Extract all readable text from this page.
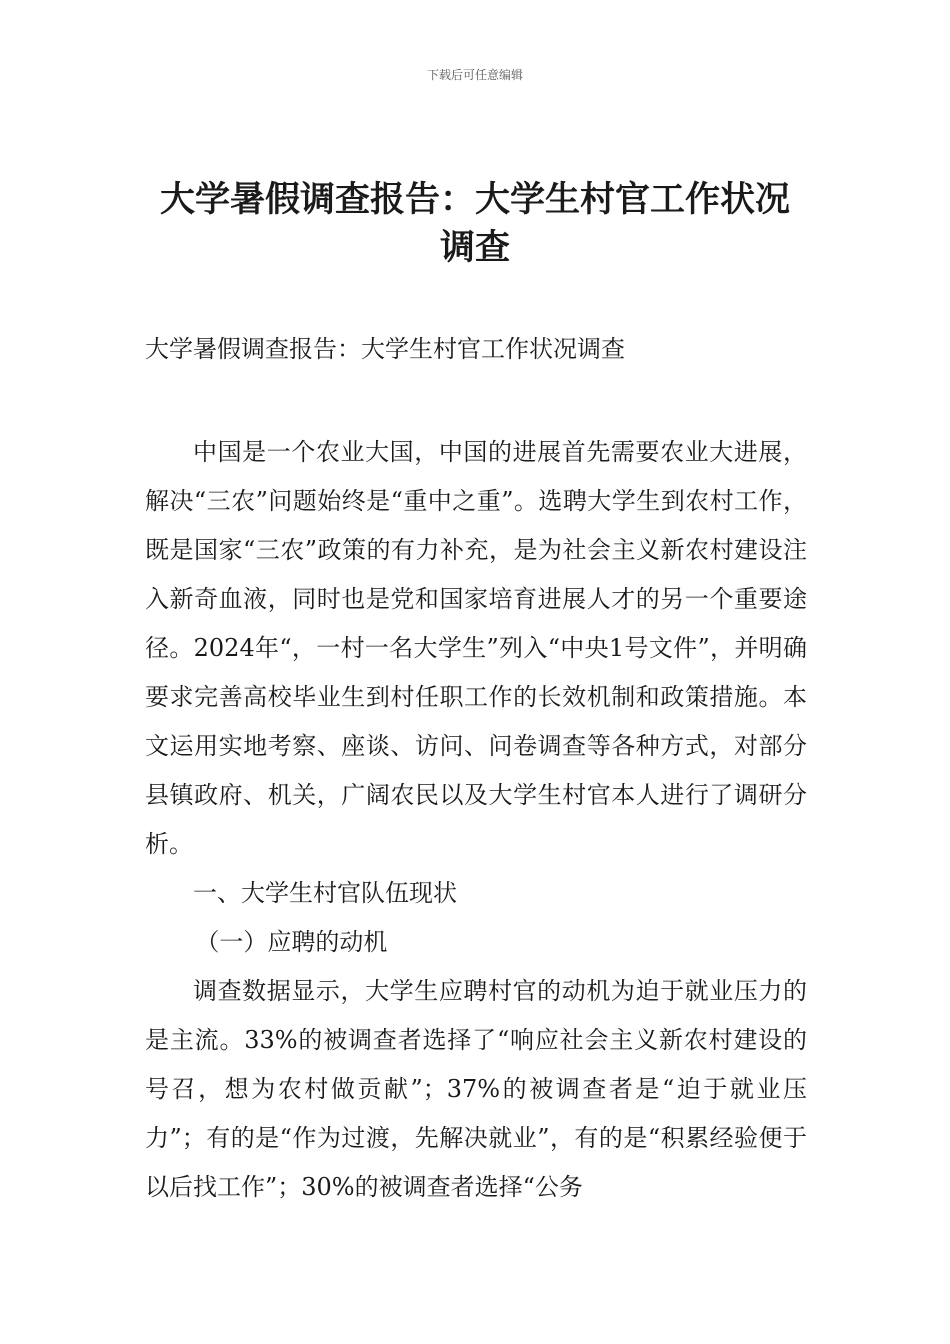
下载后可任意编辑
大学暑假调查报告：大学生村官工作状况调查

大学暑假调查报告：大学生村官工作状况调查

中国是一个农业大国，中国的进展首先需要农业大进展，解决“三农”问题始终是“重中之重”。选聘大学生到农村工作，既是国家“三农”政策的有力补充，是为社会主义新农村建设注入新奇血液，同时也是党和国家培育进展人才的另一个重要途径。2024年“，一村一名大学生”列入“中央1号文件”，并明确要求完善高校毕业生到村任职工作的长效机制和政策措施。本文运用实地考察、座谈、访问、问卷调查等各种方式，对部分县镇政府、机关，广阔农民以及大学生村官本人进行了调研分析。

一、大学生村官队伍现状

（一）应聘的动机

调查数据显示，大学生应聘村官的动机为迫于就业压力的是主流。33%的被调查者选择了“响应社会主义新农村建设的号召，想为农村做贡献”；37%的被调查者是“迫于就业压力”；有的是“作为过渡，先解决就业”，有的是“积累经验便于以后找工作”；30%的被调查者选择“公务
